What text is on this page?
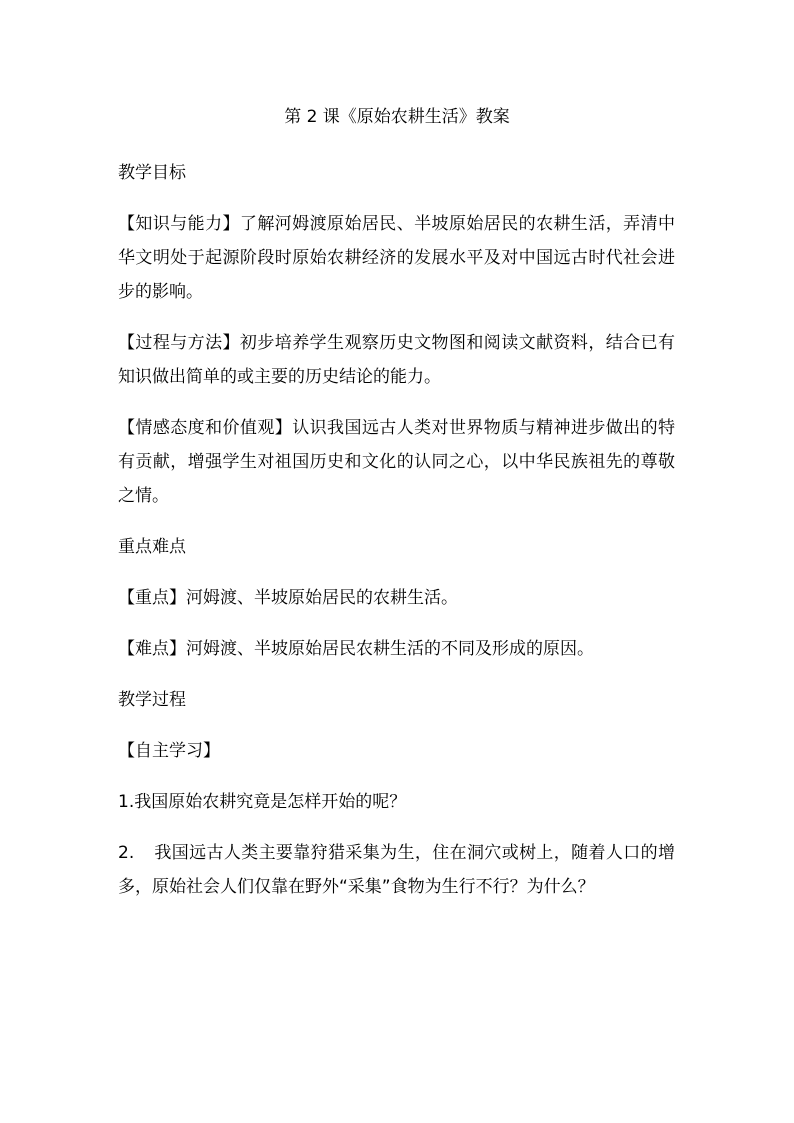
第 2 课《原始农耕生活》教案

教学目标

【知识与能力】了解河姆渡原始居民、半坡原始居民的农耕生活，弄清中华文明处于起源阶段时原始农耕经济的发展水平及对中国远古时代社会进步的影响。

【过程与方法】初步培养学生观察历史文物图和阅读文献资料，结合已有知识做出简单的或主要的历史结论的能力。

【情感态度和价值观】认识我国远古人类对世界物质与精神进步做出的特有贡献，增强学生对祖国历史和文化的认同之心，以中华民族祖先的尊敬之情。

重点难点

【重点】河姆渡、半坡原始居民的农耕生活。

【难点】河姆渡、半坡原始居民农耕生活的不同及形成的原因。

教学过程

【自主学习】

1.我国原始农耕究竟是怎样开始的呢？

2. 我国远古人类主要靠狩猎采集为生，住在洞穴或树上，随着人口的增多，原始社会人们仅靠在野外“采集”食物为生行不行？为什么？
